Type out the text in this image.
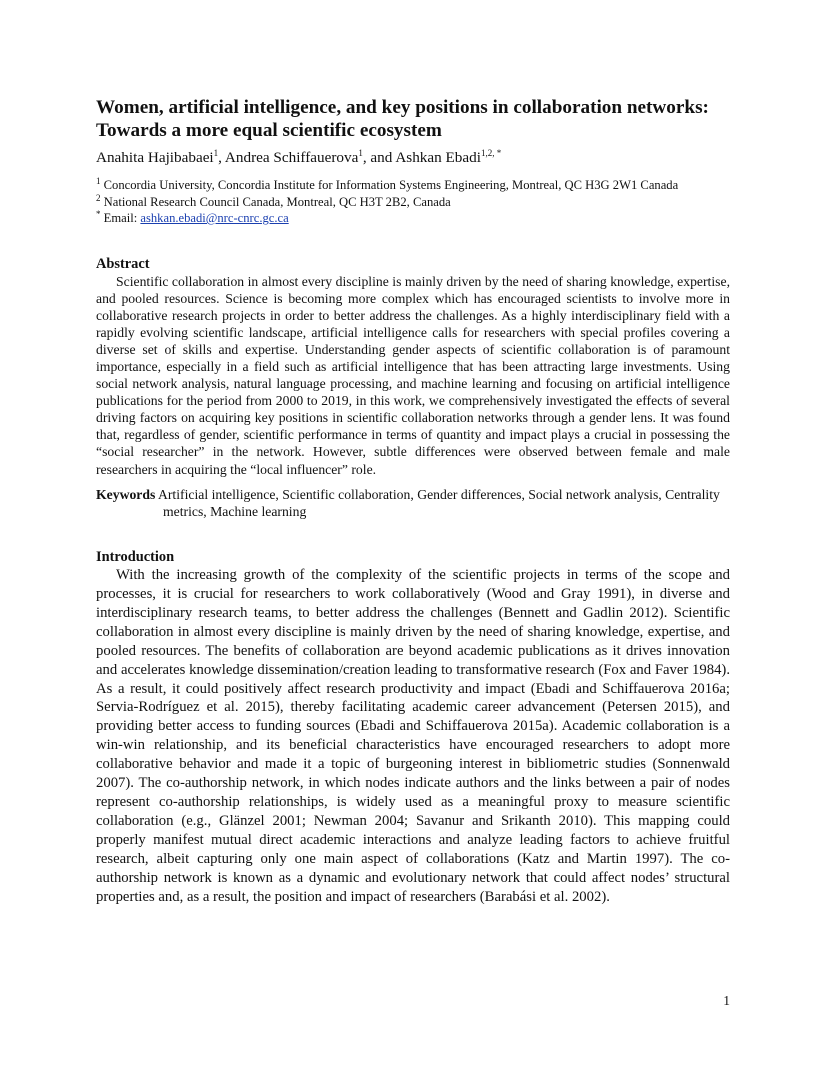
Women, artificial intelligence, and key positions in collaboration networks: Towards a more equal scientific ecosystem
Anahita Hajibabaei$^1$, Andrea Schiffauerova$^1$, and Ashkan Ebadi$^{1,2, *}$
$^1$ Concordia University, Concordia Institute for Information Systems Engineering, Montreal, QC H3G 2W1 Canada
$^2$ National Research Council Canada, Montreal, QC H3T 2B2, Canada
* Email: ashkan.ebadi@nrc-cnrc.gc.ca
Abstract

Scientific collaboration in almost every discipline is mainly driven by the need of sharing knowledge, expertise, and pooled resources. Science is becoming more complex which has encouraged scientists to involve more in collaborative research projects in order to better address the challenges. As a highly interdisciplinary field with a rapidly evolving scientific landscape, artificial intelligence calls for researchers with special profiles covering a diverse set of skills and expertise. Understanding gender aspects of scientific collaboration is of paramount importance, especially in a field such as artificial intelligence that has been attracting large investments. Using social network analysis, natural language processing, and machine learning and focusing on artificial intelligence publications for the period from 2000 to 2019, in this work, we comprehensively investigated the effects of several driving factors on acquiring key positions in scientific collaboration networks through a gender lens. It was found that, regardless of gender, scientific performance in terms of quantity and impact plays a crucial in possessing the “social researcher” in the network. However, subtle differences were observed between female and male researchers in acquiring the “local influencer” role.

Keywords Artificial intelligence, Scientific collaboration, Gender differences, Social network analysis, Centrality metrics, Machine learning
Introduction

With the increasing growth of the complexity of the scientific projects in terms of the scope and processes, it is crucial for researchers to work collaboratively (Wood and Gray 1991), in diverse and interdisciplinary research teams, to better address the challenges (Bennett and Gadlin 2012). Scientific collaboration in almost every discipline is mainly driven by the need of sharing knowledge, expertise, and pooled resources. The benefits of collaboration are beyond academic publications as it drives innovation and accelerates knowledge dissemination/creation leading to transformative research (Fox and Faver 1984). As a result, it could positively affect research productivity and impact (Ebadi and Schiffauerova 2016a; Servia-Rodríguez et al. 2015), thereby facilitating academic career advancement (Petersen 2015), and providing better access to funding sources (Ebadi and Schiffauerova 2015a). Academic collaboration is a win-win relationship, and its beneficial characteristics have encouraged researchers to adopt more collaborative behavior and made it a topic of burgeoning interest in bibliometric studies (Sonnenwald 2007). The co-authorship network, in which nodes indicate authors and the links between a pair of nodes represent co-authorship relationships, is widely used as a meaningful proxy to measure scientific collaboration (e.g., Glänzel 2001; Newman 2004; Savanur and Srikanth 2010). This mapping could properly manifest mutual direct academic interactions and analyze leading factors to achieve fruitful research, albeit capturing only one main aspect of collaborations (Katz and Martin 1997). The co-authorship network is known as a dynamic and evolutionary network that could affect nodes’ structural properties and, as a result, the position and impact of researchers (Barabási et al. 2002).

1
